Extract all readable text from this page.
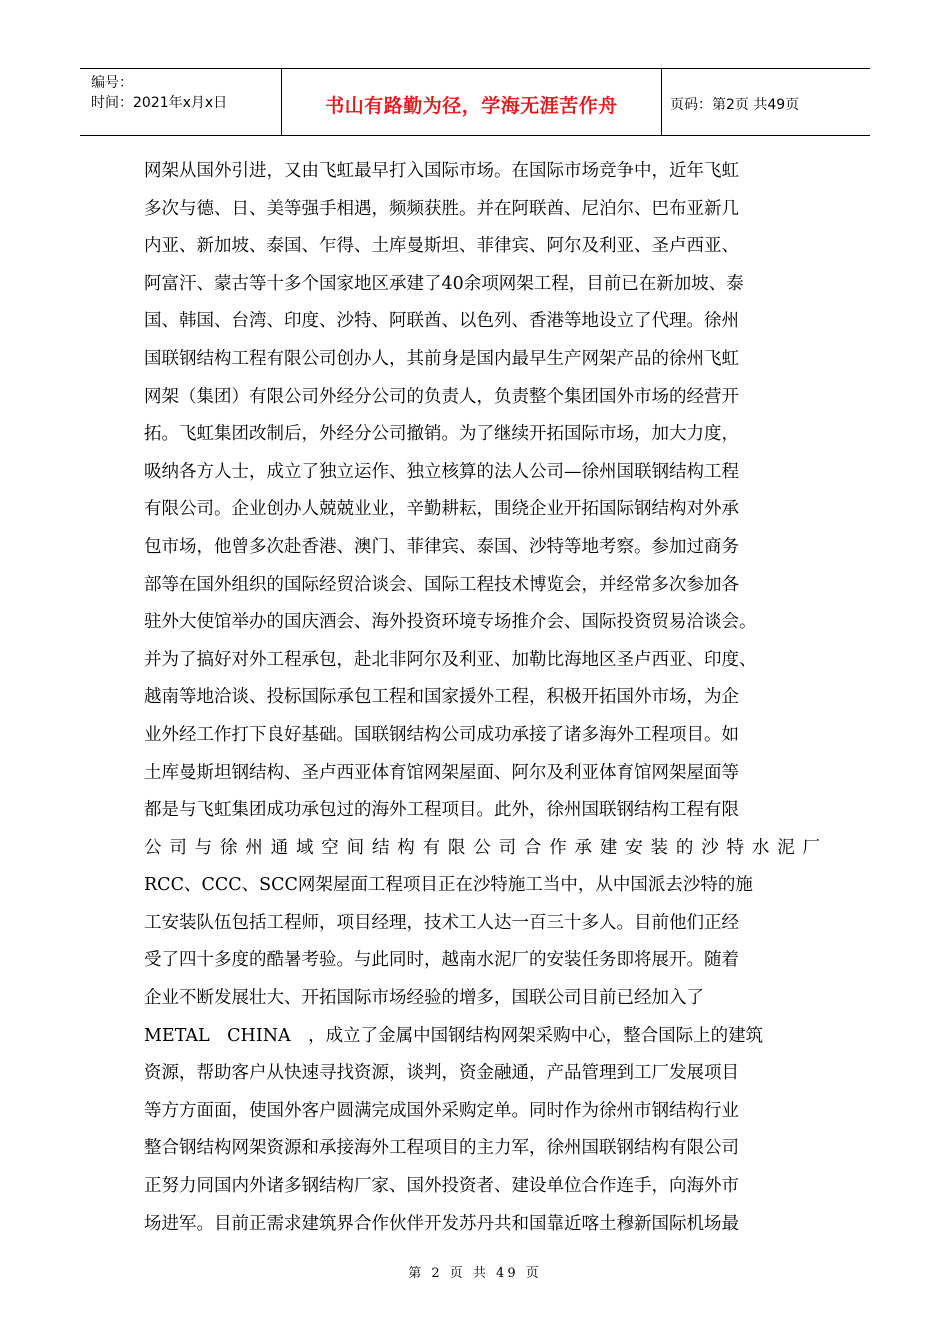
编号：
时间：2021年x月x日	书山有路勤为径，学海无涯苦作舟	页码：第2页 共49页
网架从国外引进，又由飞虹最早打入国际市场。在国际市场竞争中，近年飞虹
多次与德、日、美等强手相遇，频频获胜。并在阿联酋、尼泊尔、巴布亚新几
内亚、新加坡、泰国、乍得、土库曼斯坦、菲律宾、阿尔及利亚、圣卢西亚、
阿富汗、蒙古等十多个国家地区承建了40余项网架工程，目前已在新加坡、泰
国、韩国、台湾、印度、沙特、阿联酋、以色列、香港等地设立了代理。徐州
国联钢结构工程有限公司创办人，其前身是国内最早生产网架产品的徐州飞虹
网架（集团）有限公司外经分公司的负责人，负责整个集团国外市场的经营开
拓。飞虹集团改制后，外经分公司撤销。为了继续开拓国际市场，加大力度，
吸纳各方人士，成立了独立运作、独立核算的法人公司—徐州国联钢结构工程
有限公司。企业创办人兢兢业业，辛勤耕耘，围绕企业开拓国际钢结构对外承
包市场，他曾多次赴香港、澳门、菲律宾、泰国、沙特等地考察。参加过商务
部等在国外组织的国际经贸洽谈会、国际工程技术博览会，并经常多次参加各
驻外大使馆举办的国庆酒会、海外投资环境专场推介会、国际投资贸易洽谈会。
并为了搞好对外工程承包，赴北非阿尔及利亚、加勒比海地区圣卢西亚、印度、
越南等地洽谈、投标国际承包工程和国家援外工程，积极开拓国外市场，为企
业外经工作打下良好基础。国联钢结构公司成功承接了诸多海外工程项目。如
土库曼斯坦钢结构、圣卢西亚体育馆网架屋面、阿尔及利亚体育馆网架屋面等
都是与飞虹集团成功承包过的海外工程项目。此外，徐州国联钢结构工程有限
公司与徐州通域空间结构有限公司合作承建安装的沙特水泥厂
RCC、CCC、SCC网架屋面工程项目正在沙特施工当中，从中国派去沙特的施
工安装队伍包括工程师，项目经理，技术工人达一百三十多人。目前他们正经
受了四十多度的酷暑考验。与此同时，越南水泥厂的安装任务即将展开。随着
企业不断发展壮大、开拓国际市场经验的增多，国联公司目前已经加入了
METAL　CHINA　，成立了金属中国钢结构网架采购中心，整合国际上的建筑
资源，帮助客户从快速寻找资源，谈判，资金融通，产品管理到工厂发展项目
等方方面面，使国外客户圆满完成国外采购定单。同时作为徐州市钢结构行业
整合钢结构网架资源和承接海外工程项目的主力军，徐州国联钢结构有限公司
正努力同国内外诸多钢结构厂家、国外投资者、建设单位合作连手，向海外市
场进军。目前正需求建筑界合作伙伴开发苏丹共和国靠近喀土穆新国际机场最
第 2 页 共 49 页
